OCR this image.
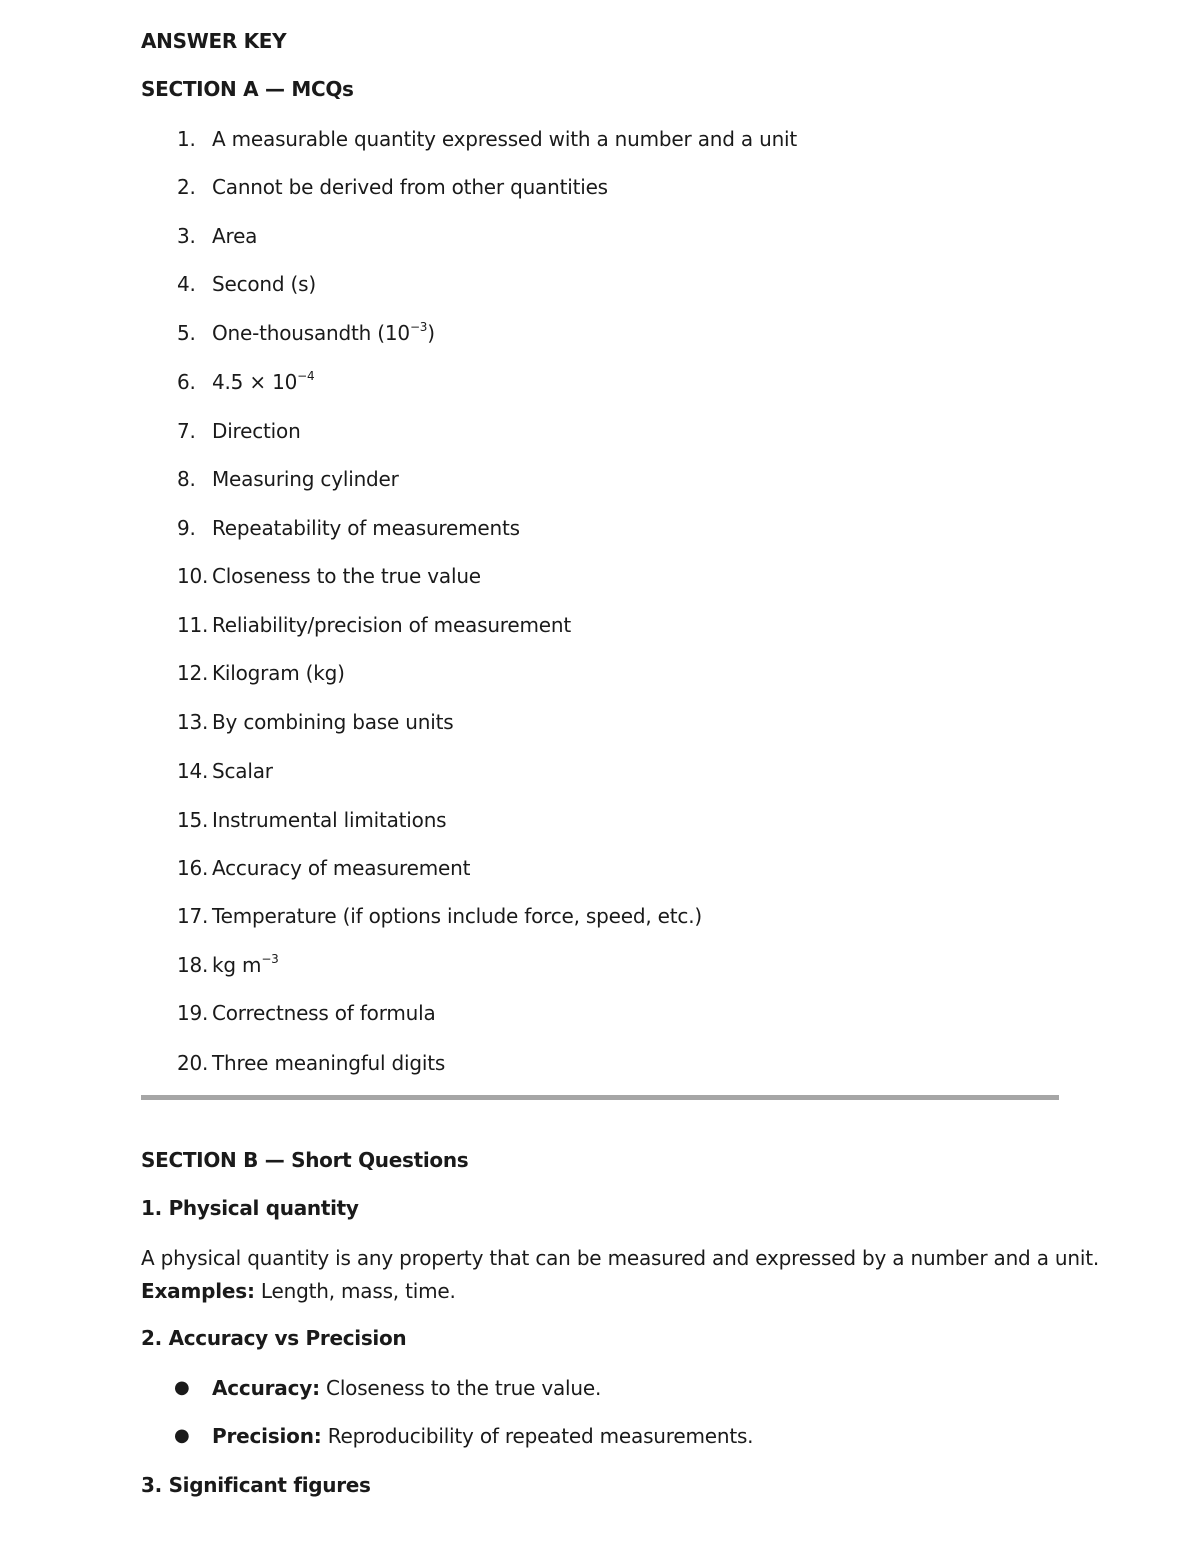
ANSWER KEY
SECTION A — MCQs
1. A measurable quantity expressed with a number and a unit
2. Cannot be derived from other quantities
3. Area
4. Second (s)
5. One-thousandth $(10^{-3})$
6. $4.5 \times 10^{-4}$
7. Direction
8. Measuring cylinder
9. Repeatability of measurements
10. Closeness to the true value
11. Reliability/precision of measurement
12. Kilogram (kg)
13. By combining base units
14. Scalar
15. Instrumental limitations
16. Accuracy of measurement
17. Temperature (if options include force, speed, etc.)
18. kg $m^{-3}$
19. Correctness of formula
20. Three meaningful digits
SECTION B — Short Questions
1. Physical quantity
A physical quantity is any property that can be measured and expressed by a number and a unit.
Examples: Length, mass, time.
2. Accuracy vs Precision
● Accuracy: Closeness to the true value.
● Precision: Reproducibility of repeated measurements.
3. Significant figures
